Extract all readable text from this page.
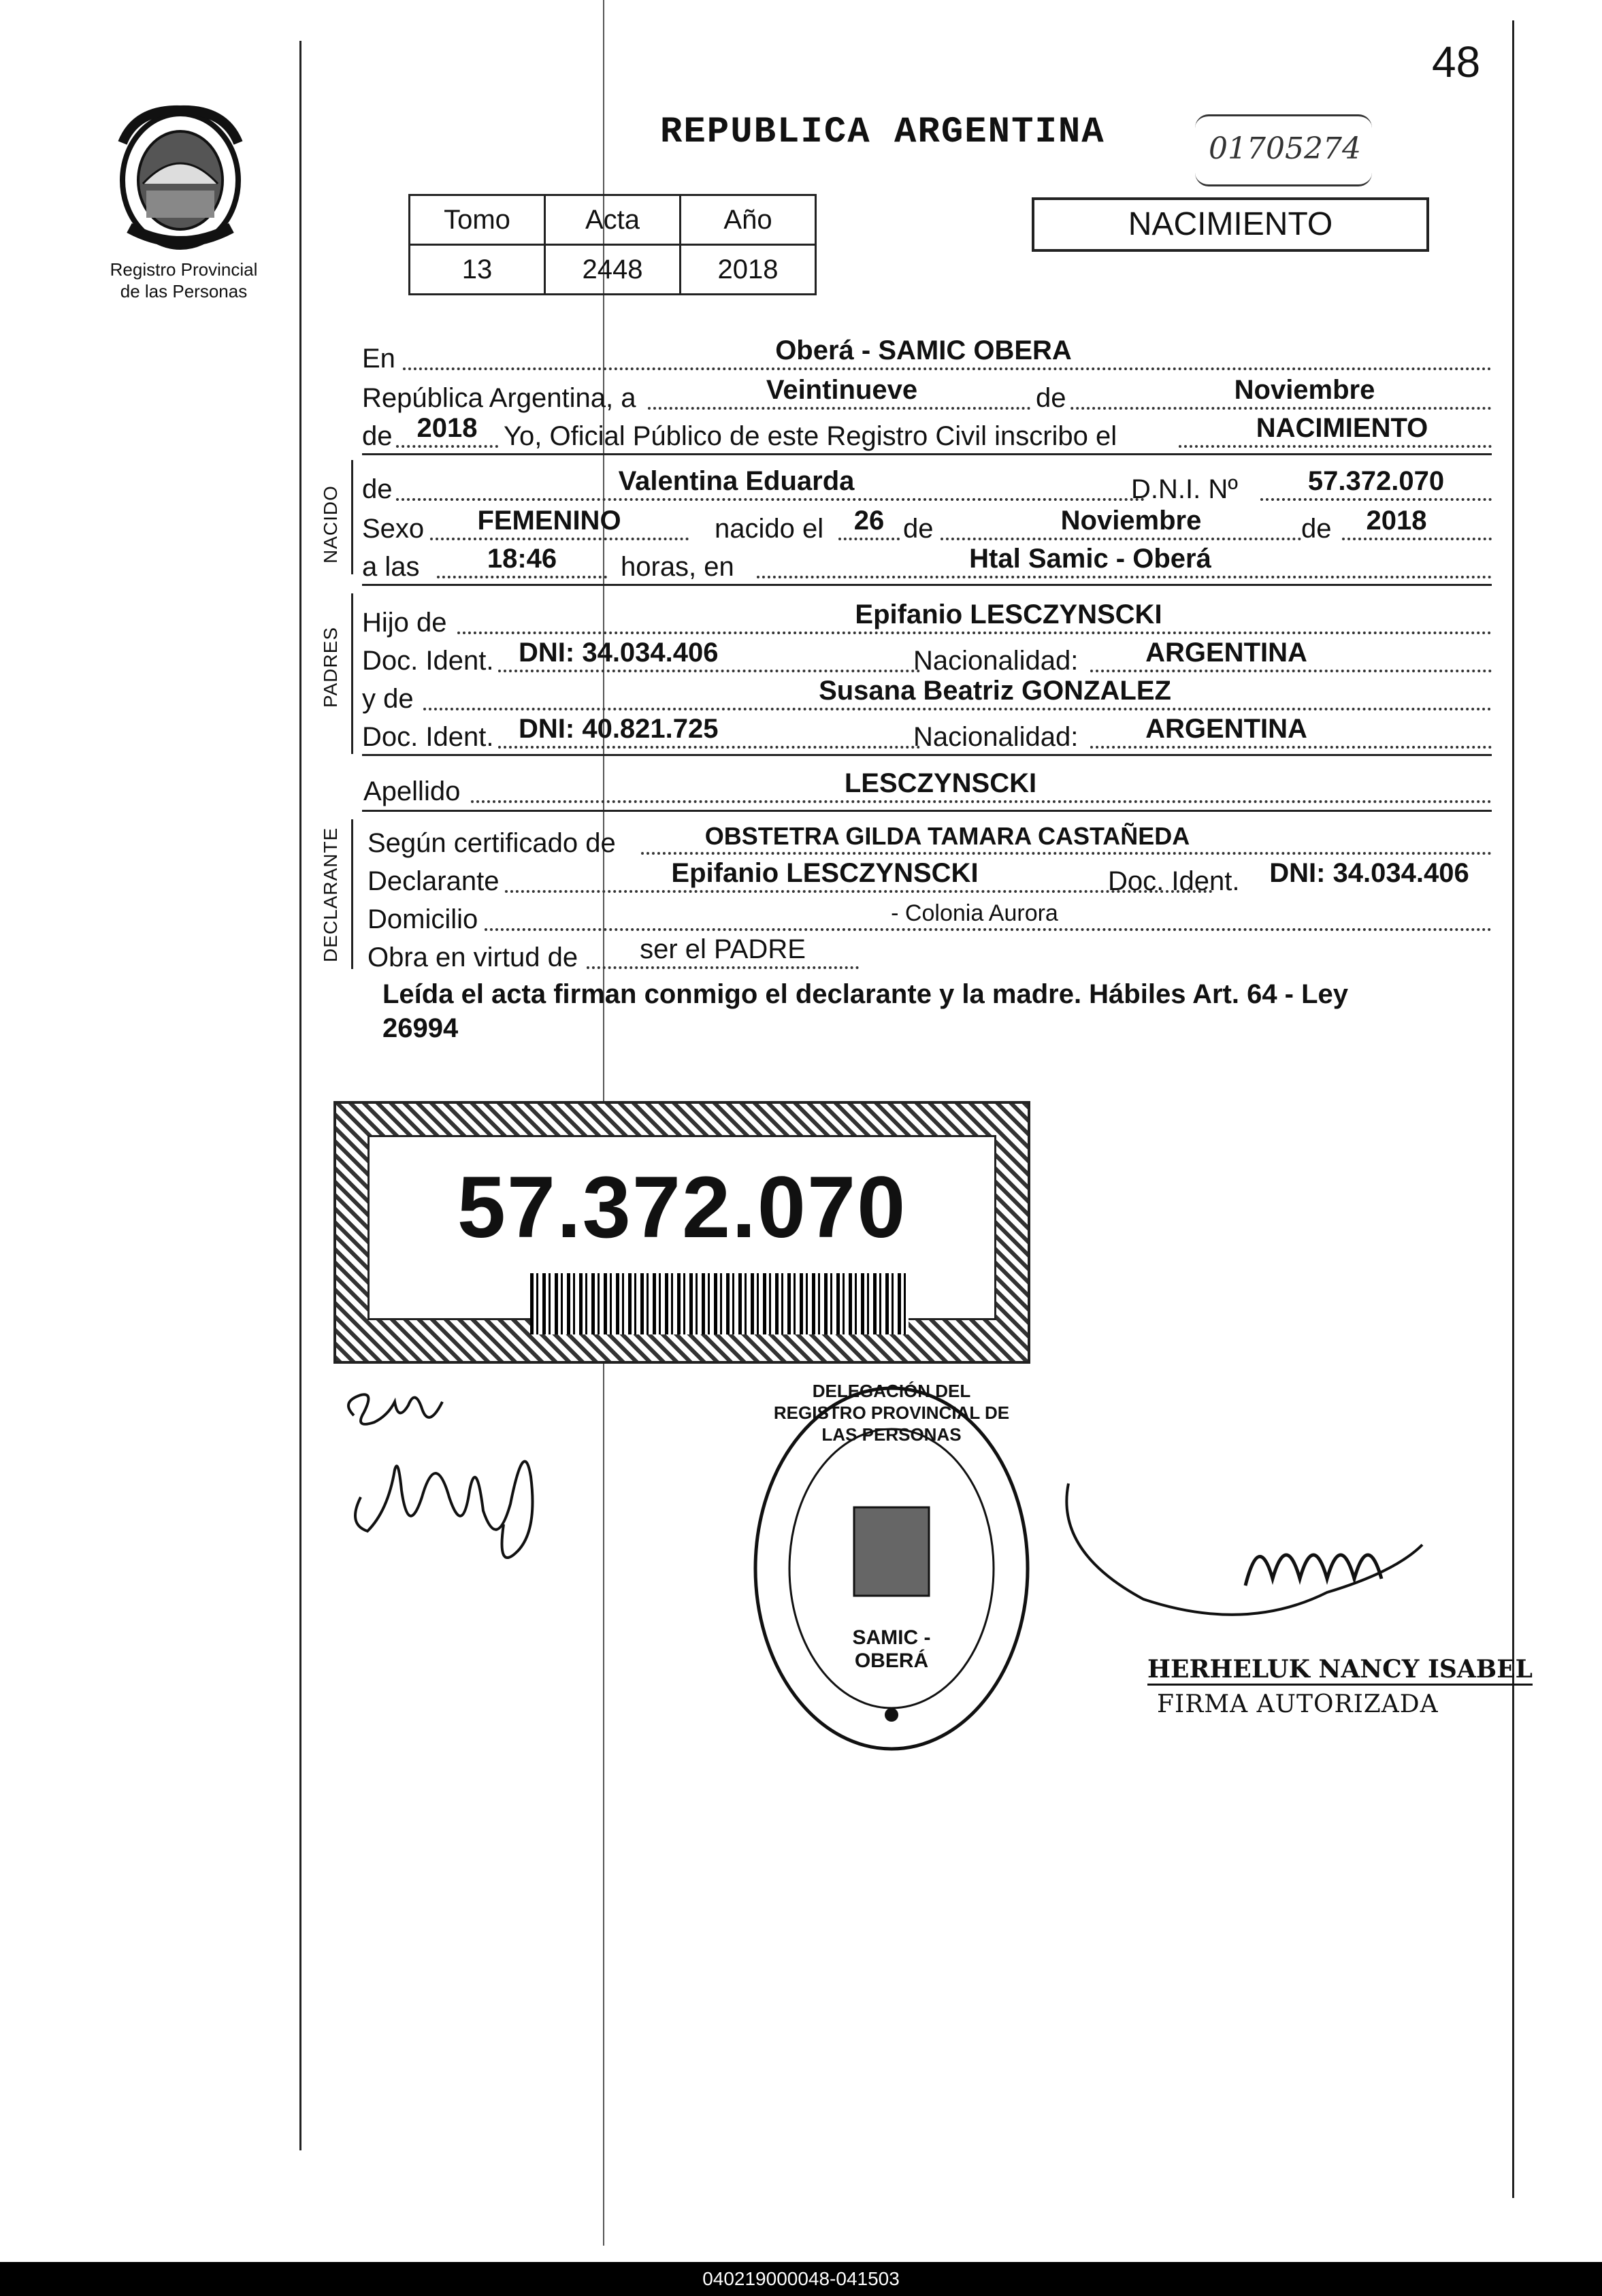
48
Registro Provincial
de las Personas
REPUBLICA ARGENTINA	01705274
Tomo	Acta	Año
13	2448	2018
NACIMIENTO
En	Oberá - SAMIC OBERA
República Argentina, a	Veintinueve	de	Noviembre
de 2018 Yo, Oficial Público de este Registro Civil inscribo el	NACIMIENTO
NACIDO de	Valentina Eduarda	D.N.I. Nº	57.372.070
Sexo	FEMENINO	nacido el	26 de	Noviembre	de	2018
a las	18:46	horas, en	Htal Samic - Oberá
PADRES
Hijo de	Epifanio LESCZYNSCKI
Doc. Ident. DNI: 34.034.406	Nacionalidad:	ARGENTINA
y de	Susana Beatriz GONZALEZ
Doc. Ident. DNI: 40.821.725	Nacionalidad:	ARGENTINA
Apellido	LESCZYNSCKI
DECLARANTE Según certificado de	OBSTETRA GILDA TAMARA CASTAÑEDA
Declarante	Epifanio LESCZYNSCKI	Doc. Ident.	DNI: 34.034.406
Domicilio	- Colonia Aurora
Obra en virtud de	ser el PADRE
Leída el acta firman conmigo el declarante y la madre. Hábiles Art. 64 - Ley
26994
57.372.070
DELEGACIÓN DEL REGISTRO PROVINCIAL DE LAS PERSONAS
SAMIC - OBERÁ	HERHELUK NANCY ISABEL
FIRMA AUTORIZADA
040219000048-041503
